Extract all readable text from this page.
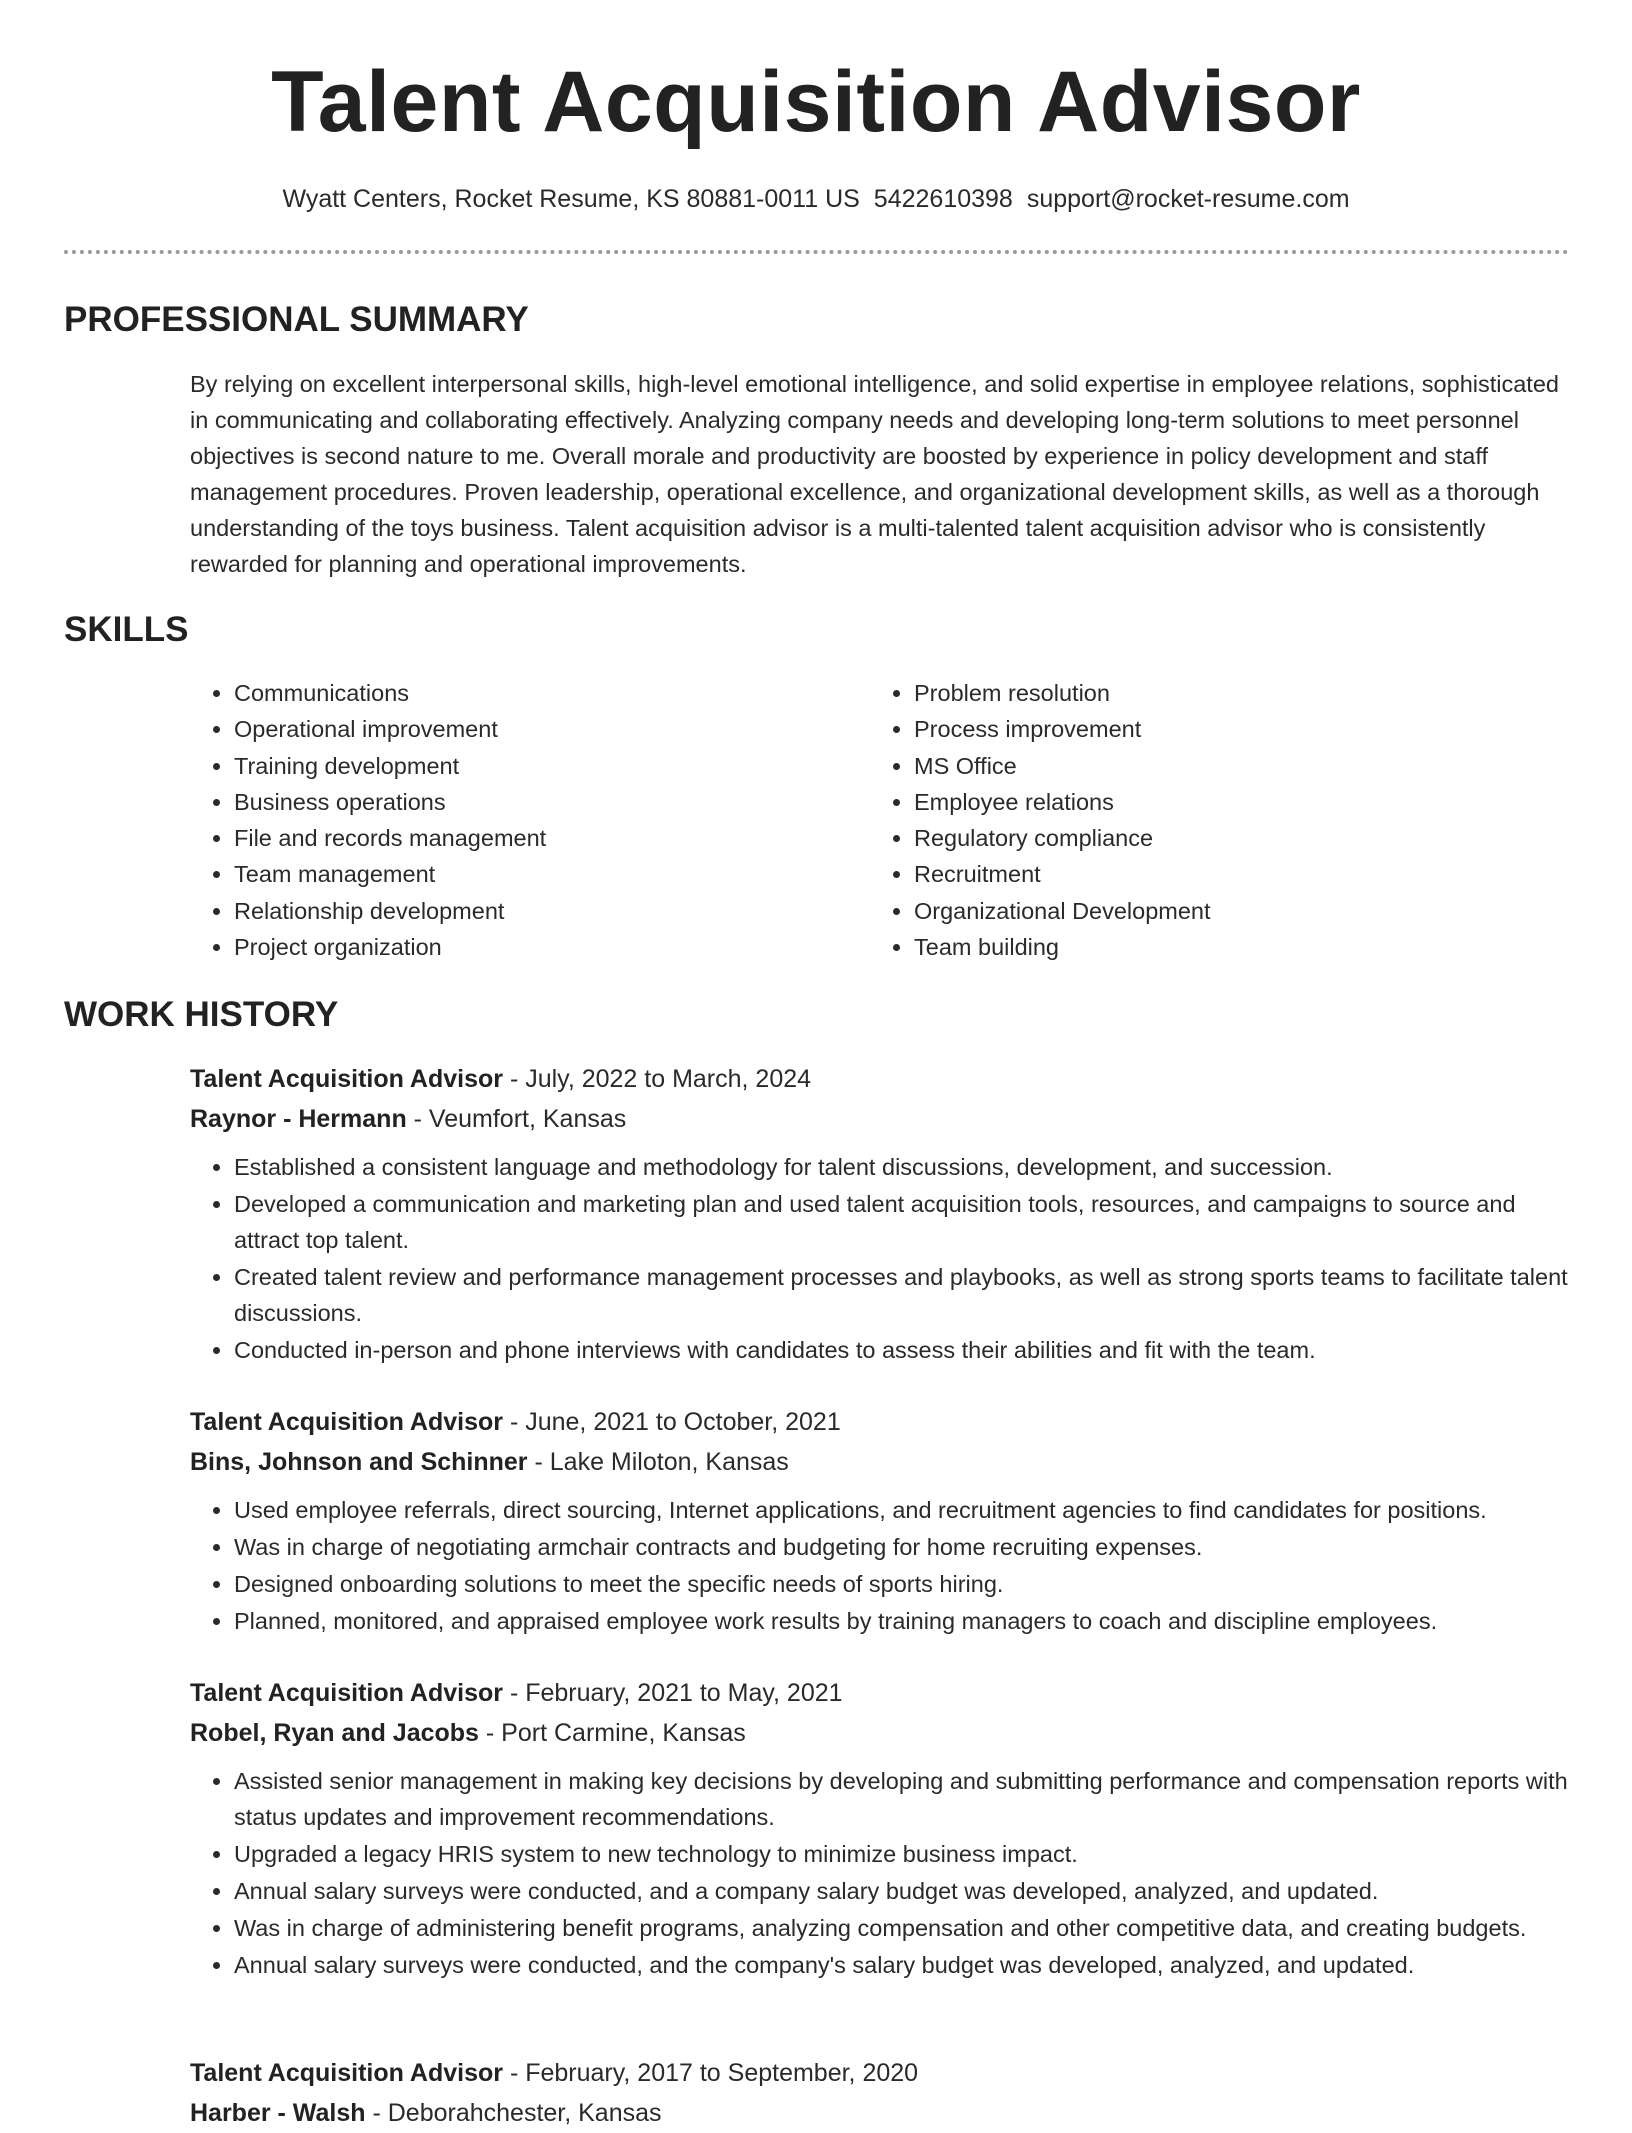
Talent Acquisition Advisor
Wyatt Centers, Rocket Resume, KS 80881-0011 US 5422610398 support@rocket-resume.com
PROFESSIONAL SUMMARY

By relying on excellent interpersonal skills, high-level emotional intelligence, and solid expertise in employee relations, sophisticated in communicating and collaborating effectively. Analyzing company needs and developing long-term solutions to meet personnel objectives is second nature to me. Overall morale and productivity are boosted by experience in policy development and staff management procedures. Proven leadership, operational excellence, and organizational development skills, as well as a thorough understanding of the toys business. Talent acquisition advisor is a multi-talented talent acquisition advisor who is consistently rewarded for planning and operational improvements.

SKILLS
• Communications
• Operational improvement
• Training development
• Business operations
• File and records management
• Team management
• Relationship development
• Project organization
• Problem resolution
• Process improvement
• MS Office
• Employee relations
• Regulatory compliance
• Recruitment
• Organizational Development
• Team building
WORK HISTORY
Talent Acquisition Advisor - July, 2022 to March, 2024
Raynor - Hermann - Veumfort, Kansas
• Established a consistent language and methodology for talent discussions, development, and succession.
• Developed a communication and marketing plan and used talent acquisition tools, resources, and campaigns to source and attract top talent.
• Created talent review and performance management processes and playbooks, as well as strong sports teams to facilitate talent discussions.
• Conducted in-person and phone interviews with candidates to assess their abilities and fit with the team.
Talent Acquisition Advisor - June, 2021 to October, 2021
Bins, Johnson and Schinner - Lake Miloton, Kansas
• Used employee referrals, direct sourcing, Internet applications, and recruitment agencies to find candidates for positions.
• Was in charge of negotiating armchair contracts and budgeting for home recruiting expenses.
• Designed onboarding solutions to meet the specific needs of sports hiring.
• Planned, monitored, and appraised employee work results by training managers to coach and discipline employees.
Talent Acquisition Advisor - February, 2021 to May, 2021
Robel, Ryan and Jacobs - Port Carmine, Kansas
• Assisted senior management in making key decisions by developing and submitting performance and compensation reports with status updates and improvement recommendations.
• Upgraded a legacy HRIS system to new technology to minimize business impact.
• Annual salary surveys were conducted, and a company salary budget was developed, analyzed, and updated.
• Was in charge of administering benefit programs, analyzing compensation and other competitive data, and creating budgets.
• Annual salary surveys were conducted, and the company's salary budget was developed, analyzed, and updated.
Talent Acquisition Advisor - February, 2017 to September, 2020
Harber - Walsh - Deborahchester, Kansas
